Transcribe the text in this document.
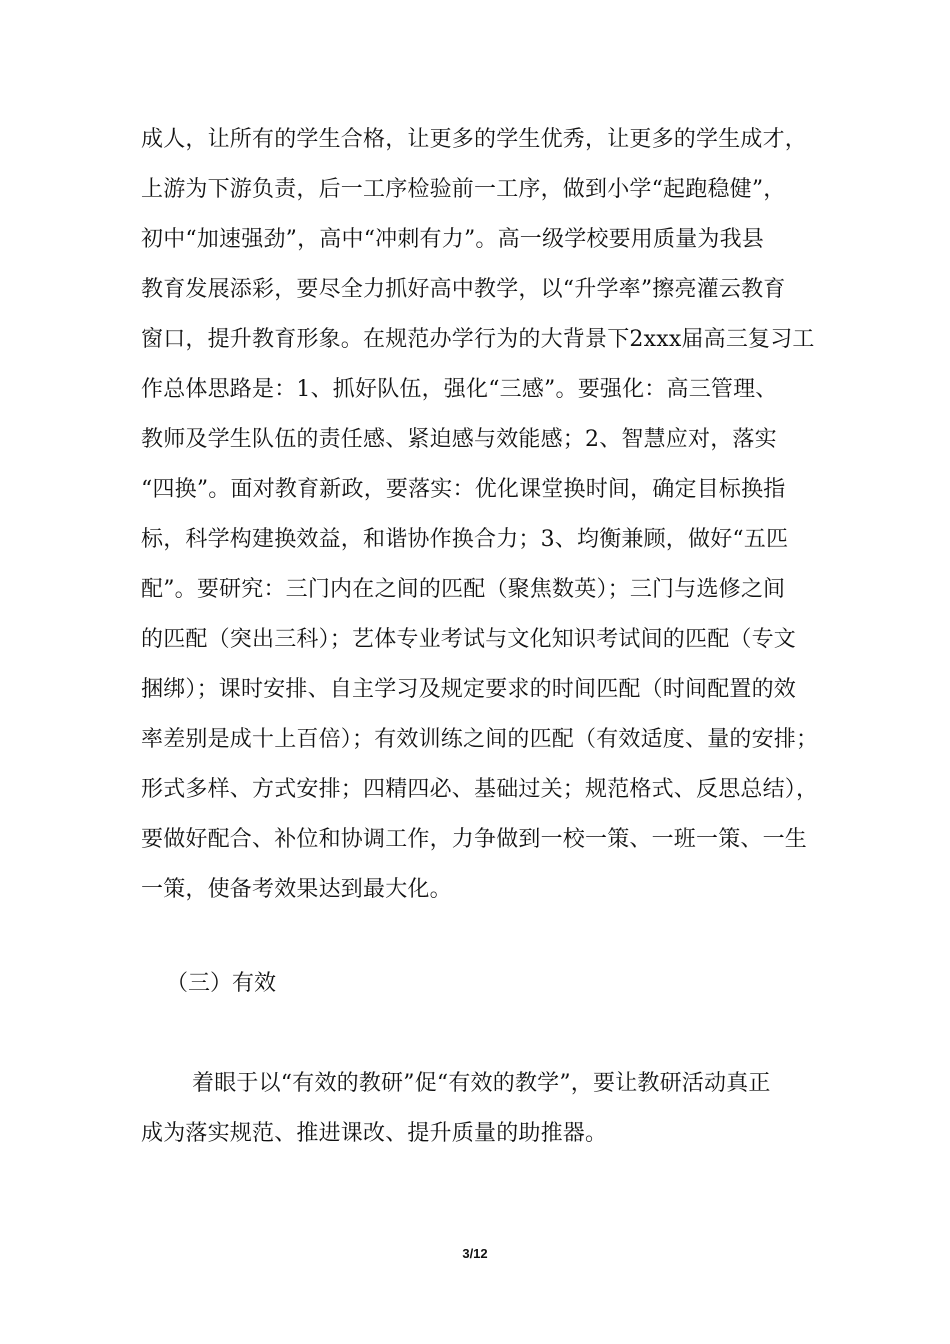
成人，让所有的学生合格，让更多的学生优秀，让更多的学生成才，
上游为下游负责，后一工序检验前一工序，做到小学“起跑稳健”，
初中“加速强劲”，高中“冲刺有力”。高一级学校要用质量为我县
教育发展添彩，要尽全力抓好高中教学，以“升学率”擦亮灌云教育
窗口，提升教育形象。在规范办学行为的大背景下2xxx届高三复习工
作总体思路是：1、抓好队伍，强化“三感”。要强化：高三管理、
教师及学生队伍的责任感、紧迫感与效能感；2、智慧应对，落实
“四换”。面对教育新政，要落实：优化课堂换时间，确定目标换指
标，科学构建换效益，和谐协作换合力；3、均衡兼顾，做好“五匹
配”。要研究：三门内在之间的匹配（聚焦数英）；三门与选修之间
的匹配（突出三科）；艺体专业考试与文化知识考试间的匹配（专文
捆绑）；课时安排、自主学习及规定要求的时间匹配（时间配置的效
率差别是成十上百倍）；有效训练之间的匹配（有效适度、量的安排；
形式多样、方式安排；四精四必、基础过关；规范格式、反思总结），
要做好配合、补位和协调工作，力争做到一校一策、一班一策、一生
一策，使备考效果达到最大化。
（三）有效
着眼于以“有效的教研”促“有效的教学”，要让教研活动真正
成为落实规范、推进课改、提升质量的助推器。
3/12
